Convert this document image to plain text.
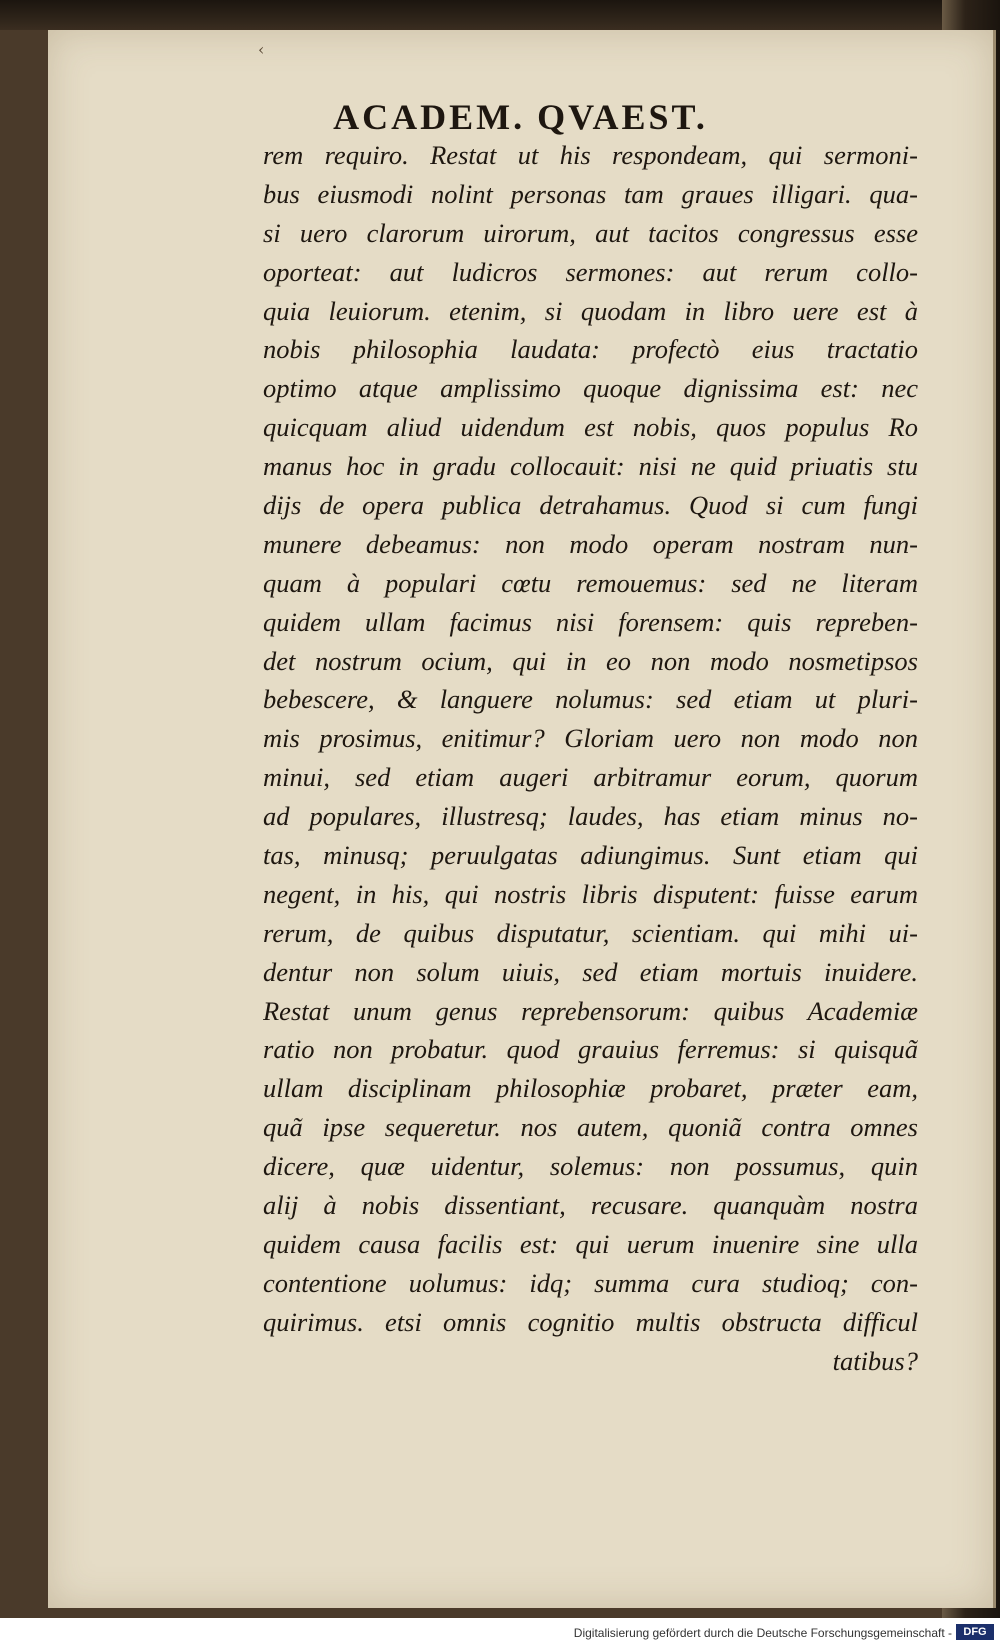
‹
ACADEM. QVAEST.
rem requiro. Restat ut his respondeam, qui sermoni-
bus eiusmodi nolint personas tam graues illigari. qua-
si uero clarorum uirorum, aut tacitos congressus esse
oporteat: aut ludicros sermones: aut rerum collo-
quia leuiorum. etenim, si quodam in libro uere est à
nobis philosophia laudata: profectò eius tractatio
optimo atque amplissimo quoque dignissima est: nec
quicquam aliud uidendum est nobis, quos populus Ro
manus hoc in gradu collocauit: nisi ne quid priuatis stu
dijs de opera publica detrahamus. Quod si cum fungi
munere debeamus: non modo operam nostram nun-
quam à populari cœtu remouemus: sed ne literam
quidem ullam facimus nisi forensem: quis repreben-
det nostrum ocium, qui in eo non modo nosmetipsos
bebescere, & languere nolumus: sed etiam ut pluri-
mis prosimus, enitimur? Gloriam uero non modo non
minui, sed etiam augeri arbitramur eorum, quorum
ad populares, illustresq; laudes, has etiam minus no-
tas, minusq; peruulgatas adiungimus. Sunt etiam qui
negent, in his, qui nostris libris disputent: fuisse earum
rerum, de quibus disputatur, scientiam. qui mihi ui-
dentur non solum uiuis, sed etiam mortuis inuidere.
Restat unum genus reprebensorum: quibus Academiæ
ratio non probatur. quod grauius ferremus: si quisquã
ullam disciplinam philosophiæ probaret, præter eam,
quã ipse sequeretur. nos autem, quoniã contra omnes
dicere, quæ uidentur, solemus: non possumus, quin
alij à nobis dissentiant, recusare. quanquàm nostra
quidem causa facilis est: qui uerum inuenire sine ulla
contentione uolumus: idq; summa cura studioq; con-
quirimus. etsi omnis cognitio multis obstructa difficul
tatibus?
Digitalisierung gefördert durch die Deutsche Forschungsgemeinschaft -	DFG
